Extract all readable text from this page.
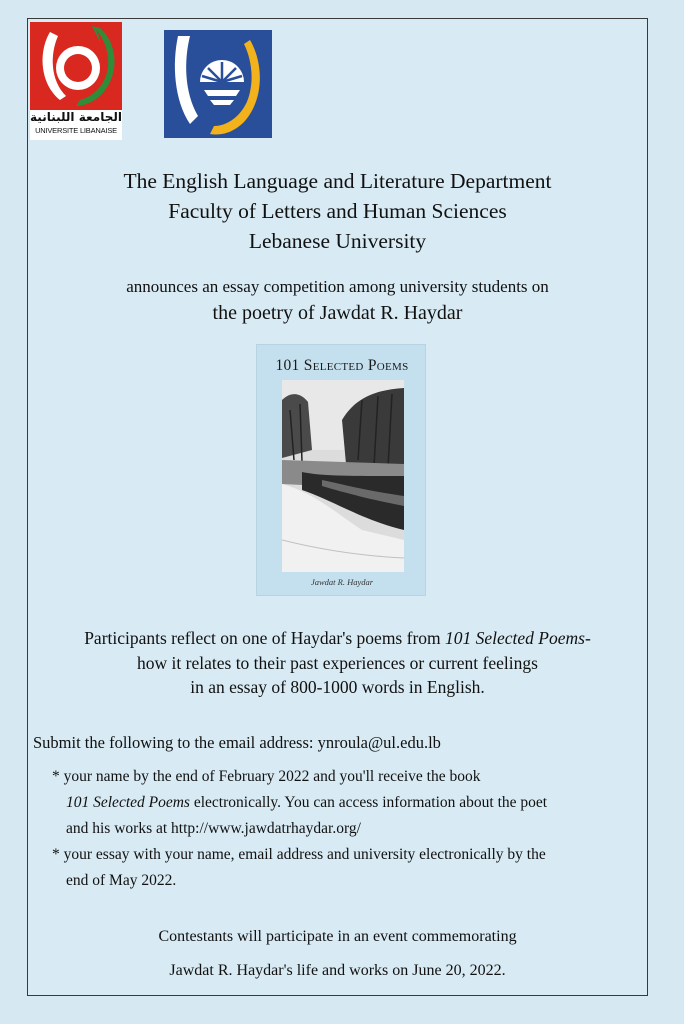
الجامعة اللبنانية
UNIVERSITE LIBANAISE
The English Language and Literature Department
Faculty of Letters and Human Sciences
Lebanese University
announces an essay competition among university students on
the poetry of Jawdat R. Haydar
101 Selected Poems
Jawdat R. Haydar
Participants reflect on one of Haydar's poems from 101 Selected Poems-
how it relates to their past experiences or current feelings
in an essay of 800-1000 words in English.
Submit the following to the email address: ynroula@ul.edu.lb
* your name by the end of February 2022 and you'll receive the book
101 Selected Poems electronically. You can access information about the poet
and his works at http://www.jawdatrhaydar.org/
* your essay with your name, email address and university electronically by the
end of May 2022.
Contestants will participate in an event commemorating
Jawdat R. Haydar's life and works on June 20, 2022.
